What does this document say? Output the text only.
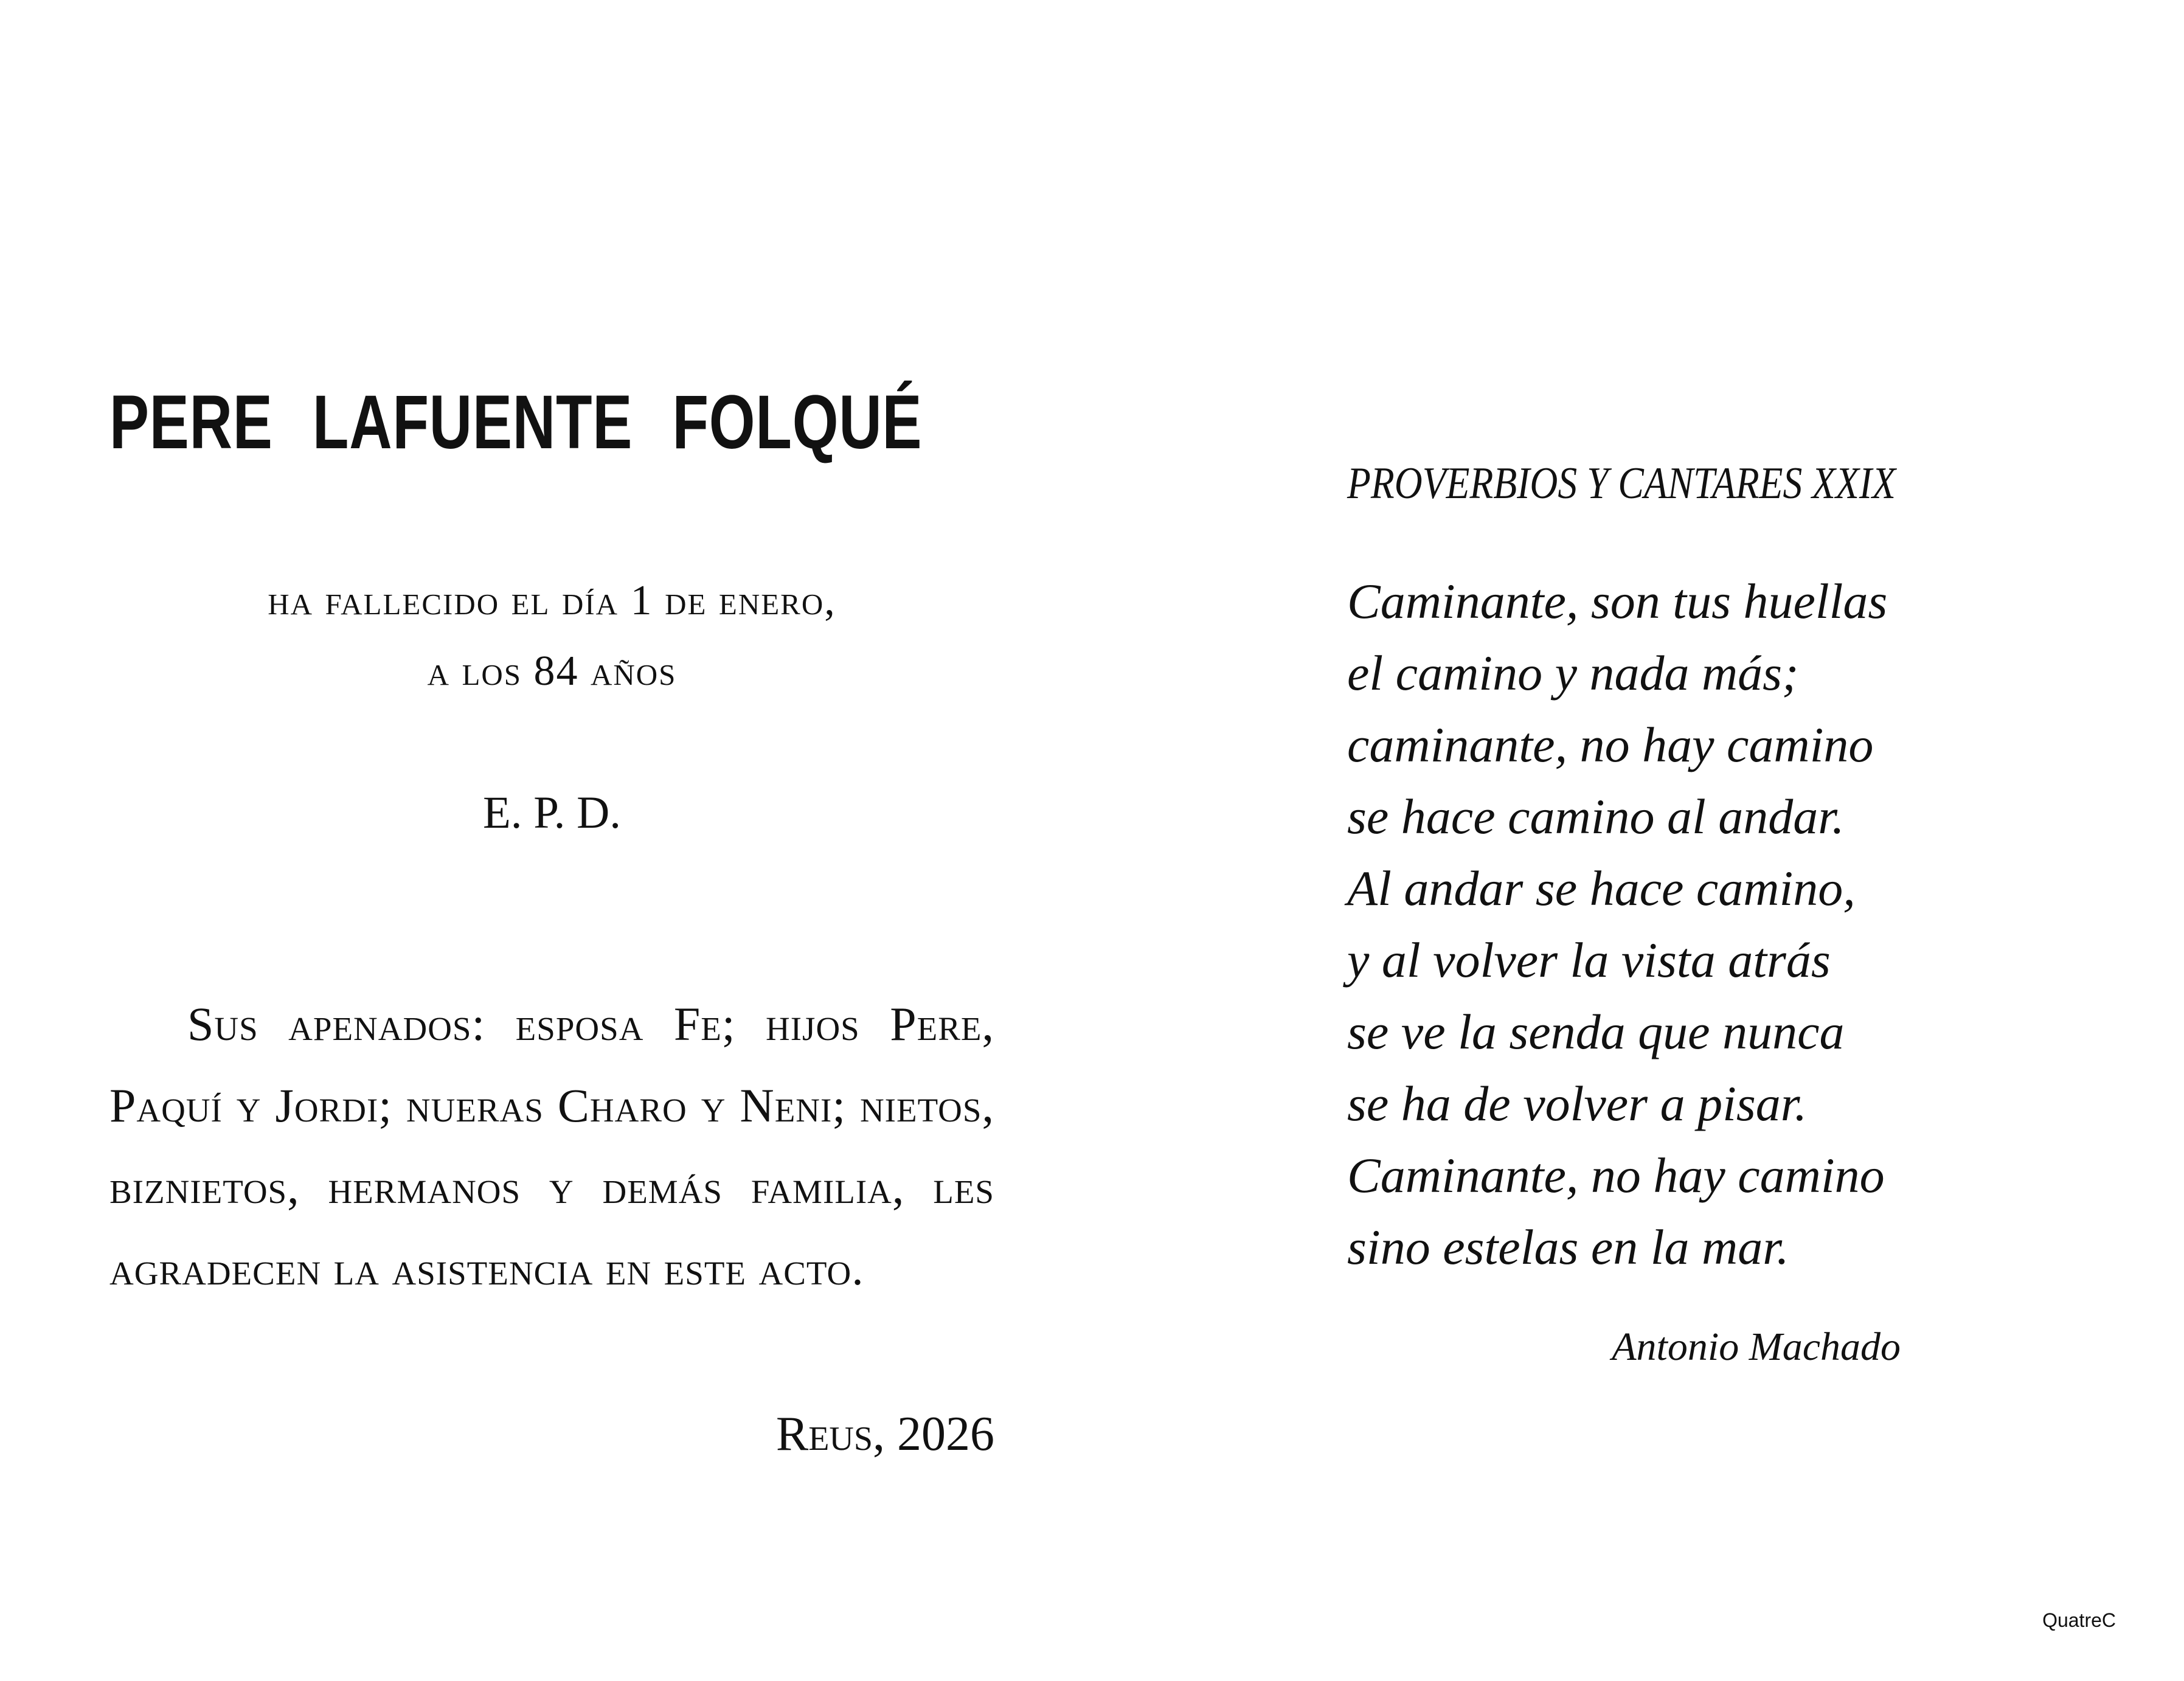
PERE LAFUENTE FOLQUÉ
ha fallecido el día 1 de enero,
a los 84 años
E. P. D.

Sus apenados: esposa Fe; hijos Pere, Paquí y Jordi; nueras Charo y Neni; nietos, biznietos, hermanos y demás familia, les agradecen la asistencia en este acto.

Reus, 2026
PROVERBIOS Y CANTARES XXIX
Caminante, son tus huellas
el camino y nada más;
caminante, no hay camino
se hace camino al andar.
Al andar se hace camino,
y al volver la vista atrás
se ve la senda que nunca
se ha de volver a pisar.
Caminante, no hay camino
sino estelas en la mar.
Antonio Machado
QuatreC
